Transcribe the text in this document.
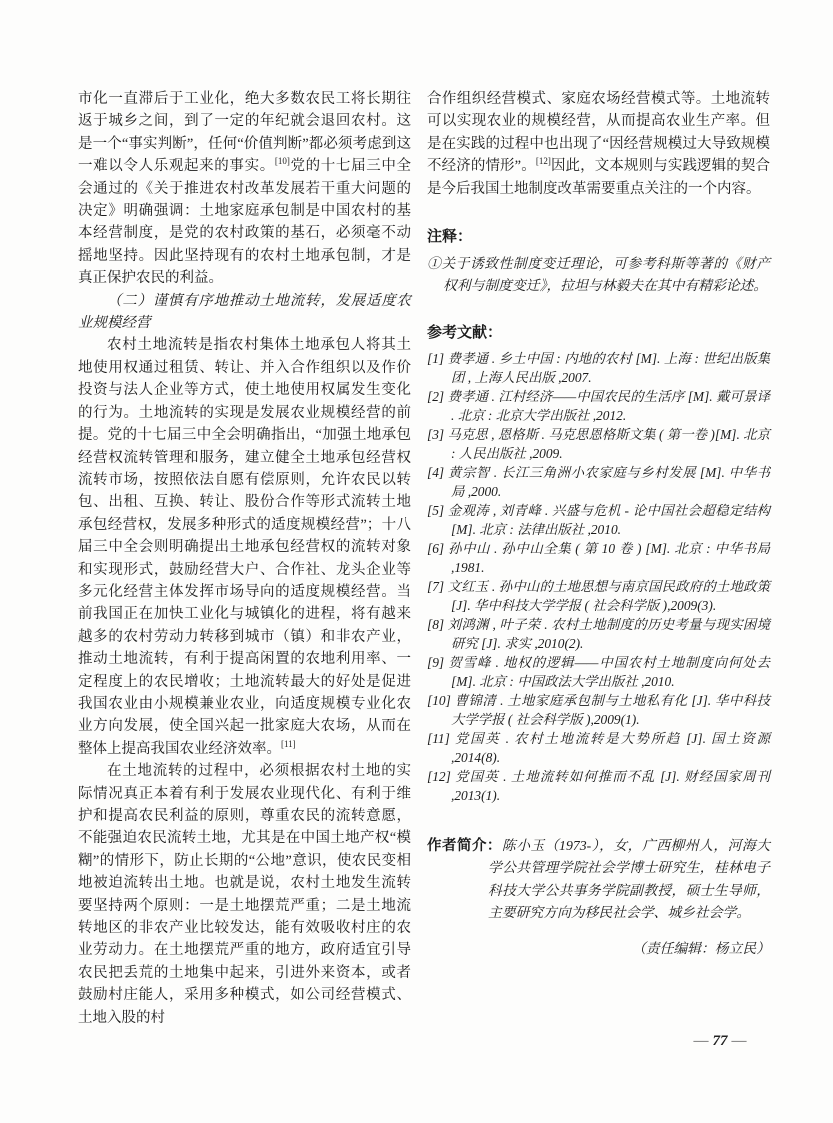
市化一直滞后于工业化，绝大多数农民工将长期往返于城乡之间，到了一定的年纪就会退回农村。这是一个“事实判断”，任何“价值判断”都必须考虑到这一难以令人乐观起来的事实。[10]党的十七届三中全会通过的《关于推进农村改革发展若干重大问题的决定》明确强调：土地家庭承包制是中国农村的基本经营制度，是党的农村政策的基石，必须毫不动摇地坚持。因此坚持现有的农村土地承包制，才是真正保护农民的利益。

（二）谨慎有序地推动土地流转，发展适度农业规模经营

农村土地流转是指农村集体土地承包人将其土地使用权通过租赁、转让、并入合作组织以及作价投资与法人企业等方式，使土地使用权属发生变化的行为。土地流转的实现是发展农业规模经营的前提。党的十七届三中全会明确指出，“加强土地承包经营权流转管理和服务，建立健全土地承包经营权流转市场，按照依法自愿有偿原则，允许农民以转包、出租、互换、转让、股份合作等形式流转土地承包经营权，发展多种形式的适度规模经营”；十八届三中全会则明确提出土地承包经营权的流转对象和实现形式，鼓励经营大户、合作社、龙头企业等多元化经营主体发挥市场导向的适度规模经营。当前我国正在加快工业化与城镇化的进程，将有越来越多的农村劳动力转移到城市（镇）和非农产业，推动土地流转，有利于提高闲置的农地利用率、一定程度上的农民增收；土地流转最大的好处是促进我国农业由小规模兼业农业，向适度规模专业化农业方向发展，使全国兴起一批家庭大农场，从而在整体上提高我国农业经济效率。[11]

在土地流转的过程中，必须根据农村土地的实际情况真正本着有利于发展农业现代化、有利于维护和提高农民利益的原则，尊重农民的流转意愿，不能强迫农民流转土地，尤其是在中国土地产权“模糊”的情形下，防止长期的“公地”意识，使农民变相地被迫流转出土地。也就是说，农村土地发生流转要坚持两个原则：一是土地摆荒严重；二是土地流转地区的非农产业比较发达，能有效吸收村庄的农业劳动力。在土地摆荒严重的地方，政府适宜引导农民把丢荒的土地集中起来，引进外来资本，或者鼓励村庄能人，采用多种模式，如公司经营模式、土地入股的村

合作组织经营模式、家庭农场经营模式等。土地流转可以实现农业的规模经营，从而提高农业生产率。但是在实践的过程中也出现了“因经营规模过大导致规模不经济的情形”。[12]因此，文本规则与实践逻辑的契合是今后我国土地制度改革需要重点关注的一个内容。

注释：

①关于诱致性制度变迁理论，可参考科斯等著的《财产权利与制度变迁》，拉坦与林毅夫在其中有精彩论述。

参考文献：

[1] 费孝通 . 乡土中国 : 内地的农村 [M]. 上海 : 世纪出版集团 , 上海人民出版 ,2007.

[2] 费孝通 . 江村经济——中国农民的生活序 [M]. 戴可景译 . 北京 : 北京大学出版社 ,2012.

[3] 马克思 , 恩格斯 . 马克思恩格斯文集 ( 第一卷 )[M]. 北京 : 人民出版社 ,2009.

[4] 黄宗智 . 长江三角洲小农家庭与乡村发展 [M]. 中华书局 ,2000.

[5] 金观涛 , 刘青峰 . 兴盛与危机 - 论中国社会超稳定结构 [M]. 北京 : 法律出版社 ,2010.

[6] 孙中山 . 孙中山全集 ( 第 10 卷 ) [M]. 北京 : 中华书局 ,1981.

[7] 文红玉 . 孙中山的土地思想与南京国民政府的土地政策 [J]. 华中科技大学学报 ( 社会科学版 ),2009(3).

[8] 刘鸿渊 , 叶子荣 . 农村土地制度的历史考量与现实困境研究 [J]. 求实 ,2010(2).

[9] 贺雪峰 . 地权的逻辑——中国农村土地制度向何处去 [M]. 北京 : 中国政法大学出版社 ,2010.

[10] 曹锦清 . 土地家庭承包制与土地私有化 [J]. 华中科技大学学报 ( 社会科学版 ),2009(1).

[11] 党国英 . 农村土地流转是大势所趋 [J]. 国土资源 ,2014(8).

[12] 党国英 . 土地流转如何推而不乱 [J]. 财经国家周刊 ,2013(1).

作者简介：陈小玉（1973-），女，广西柳州人，河海大学公共管理学院社会学博士研究生，桂林电子科技大学公共事务学院副教授，硕士生导师，主要研究方向为移民社会学、城乡社会学。

（责任编辑：杨立民）

— 77 —
